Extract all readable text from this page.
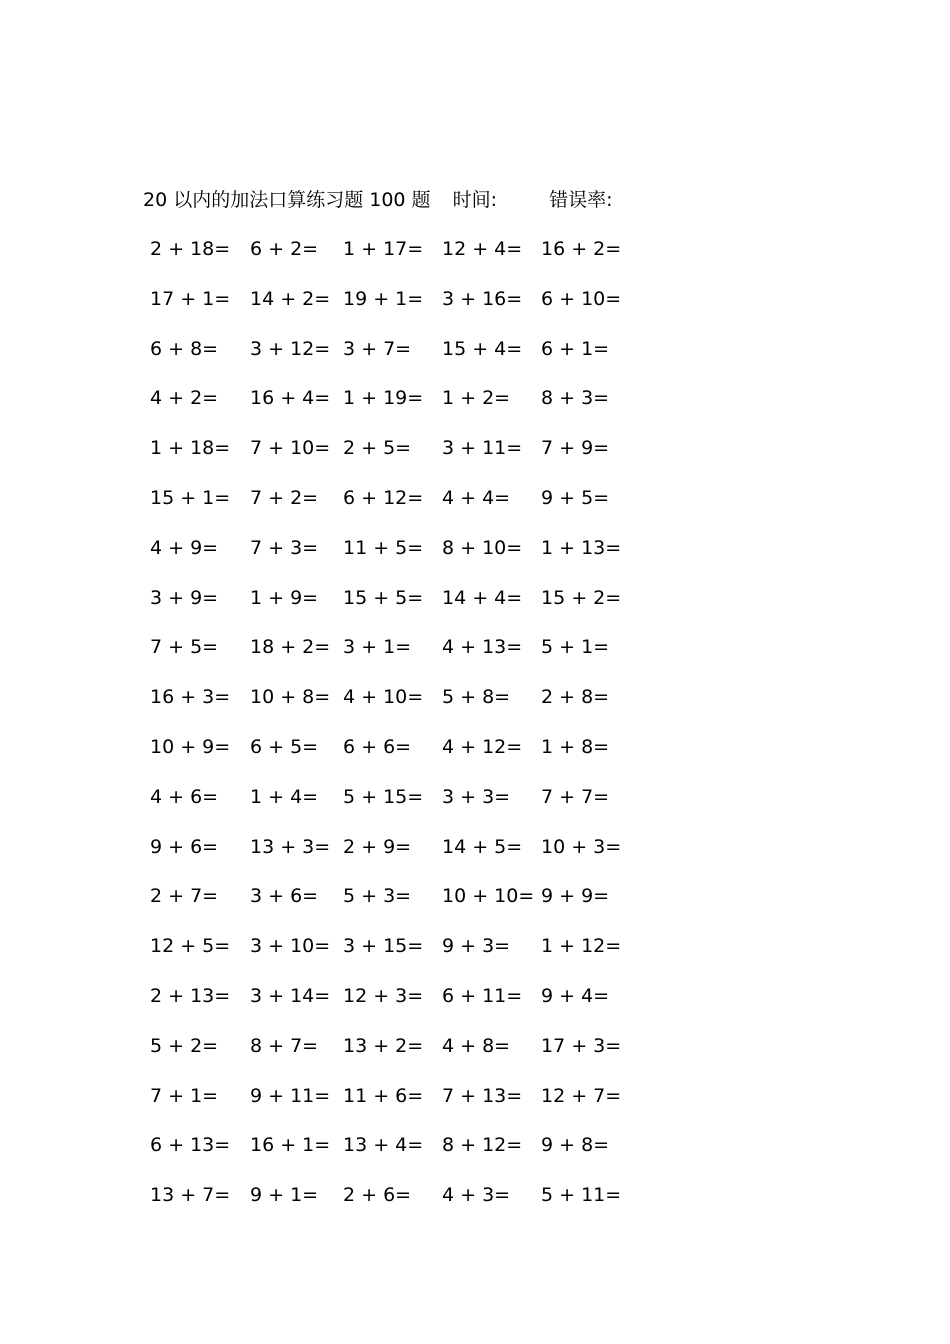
20 以内的加法口算练习题 100 题 时间:	错误率:
2 + 18= 6 + 2= 1 + 17= 12 + 4= 16 + 2=
17 + 1= 14 + 2= 19 + 1= 3 + 16= 6 + 10=
6 + 8= 3 + 12= 3 + 7= 15 + 4= 6 + 1=
4 + 2= 16 + 4= 1 + 19= 1 + 2= 8 + 3=
1 + 18= 7 + 10= 2 + 5= 3 + 11= 7 + 9=
15 + 1= 7 + 2= 6 + 12= 4 + 4= 9 + 5=
4 + 9= 7 + 3= 11 + 5= 8 + 10= 1 + 13=
3 + 9= 1 + 9= 15 + 5= 14 + 4= 15 + 2=
7 + 5= 18 + 2= 3 + 1= 4 + 13= 5 + 1=
16 + 3= 10 + 8= 4 + 10= 5 + 8= 2 + 8=
10 + 9= 6 + 5= 6 + 6= 4 + 12= 1 + 8=
4 + 6= 1 + 4= 5 + 15= 3 + 3= 7 + 7=
9 + 6= 13 + 3= 2 + 9= 14 + 5= 10 + 3=
2 + 7= 3 + 6= 5 + 3= 10 + 10= 9 + 9=
12 + 5= 3 + 10= 3 + 15= 9 + 3= 1 + 12=
2 + 13= 3 + 14= 12 + 3= 6 + 11= 9 + 4=
5 + 2= 8 + 7= 13 + 2= 4 + 8= 17 + 3=
7 + 1= 9 + 11= 11 + 6= 7 + 13= 12 + 7=
6 + 13= 16 + 1= 13 + 4= 8 + 12= 9 + 8=
13 + 7= 9 + 1= 2 + 6= 4 + 3= 5 + 11=
